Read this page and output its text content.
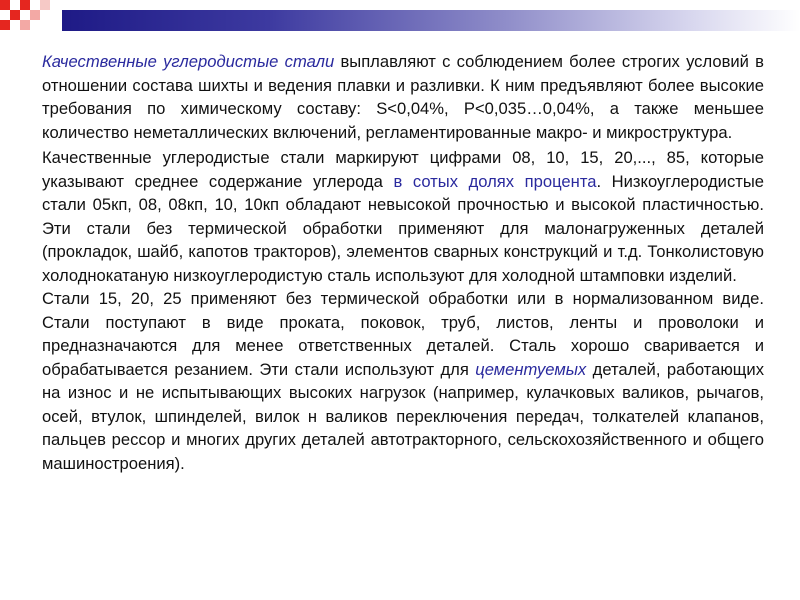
Качественные углеродистые стали выплавляют с соблюдением более строгих условий в отношении состава шихты и ведения плавки и разливки. К ним предъявляют более высокие требования по химическому составу: S<0,04%, P<0,035…0,04%, а также меньшее количество неметаллических включений, регламентированные макро- и микроструктура.

Качественные углеродистые стали маркируют цифрами 08, 10, 15, 20,..., 85, которые указывают среднее содержание углерода в сотых долях процента. Низкоуглеродистые стали 05кп, 08, 08кп, 10, 10кп обладают невысокой прочностью и высокой пластичностью. Эти стали без термической обработки применяют для малонагруженных деталей (прокладок, шайб, капотов тракторов), элементов сварных конструкций и т.д. Тонколистовую холоднокатаную низкоуглеродистую сталь используют для холодной штамповки изделий.

Стали 15, 20, 25 применяют без термической обработки или в нормализованном виде. Стали поступают в виде проката, поковок, труб, листов, ленты и проволоки и предназначаются для менее ответственных деталей. Сталь хорошо сваривается и обрабатывается резанием. Эти стали используют для цементуемых деталей, работающих на износ и не испытывающих высоких нагрузок (например, кулачковых валиков, рычагов, осей, втулок, шпинделей, вилок н валиков переключения передач, толкателей клапанов, пальцев рессор и многих других деталей автотракторного, сельскохозяйственного и общего машиностроения).
